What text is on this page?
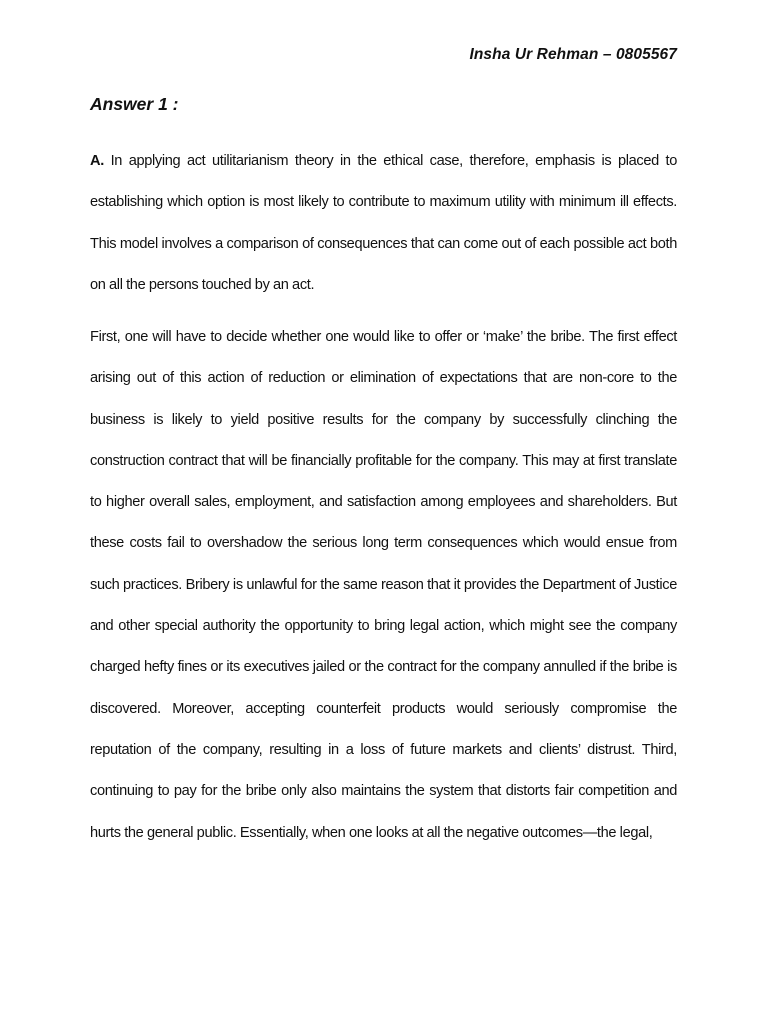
Insha Ur Rehman – 0805567
Answer 1 :

A. In applying act utilitarianism theory in the ethical case, therefore, emphasis is placed to establishing which option is most likely to contribute to maximum utility with minimum ill effects. This model involves a comparison of consequences that can come out of each possible act both on all the persons touched by an act.

First, one will have to decide whether one would like to offer or ‘make’ the bribe. The first effect arising out of this action of reduction or elimination of expectations that are non-core to the business is likely to yield positive results for the company by successfully clinching the construction contract that will be financially profitable for the company. This may at first translate to higher overall sales, employment, and satisfaction among employees and shareholders. But these costs fail to overshadow the serious long term consequences which would ensue from such practices. Bribery is unlawful for the same reason that it provides the Department of Justice and other special authority the opportunity to bring legal action, which might see the company charged hefty fines or its executives jailed or the contract for the company annulled if the bribe is discovered. Moreover, accepting counterfeit products would seriously compromise the reputation of the company, resulting in a loss of future markets and clients’ distrust. Third, continuing to pay for the bribe only also maintains the system that distorts fair competition and hurts the general public. Essentially, when one looks at all the negative outcomes—the legal,
